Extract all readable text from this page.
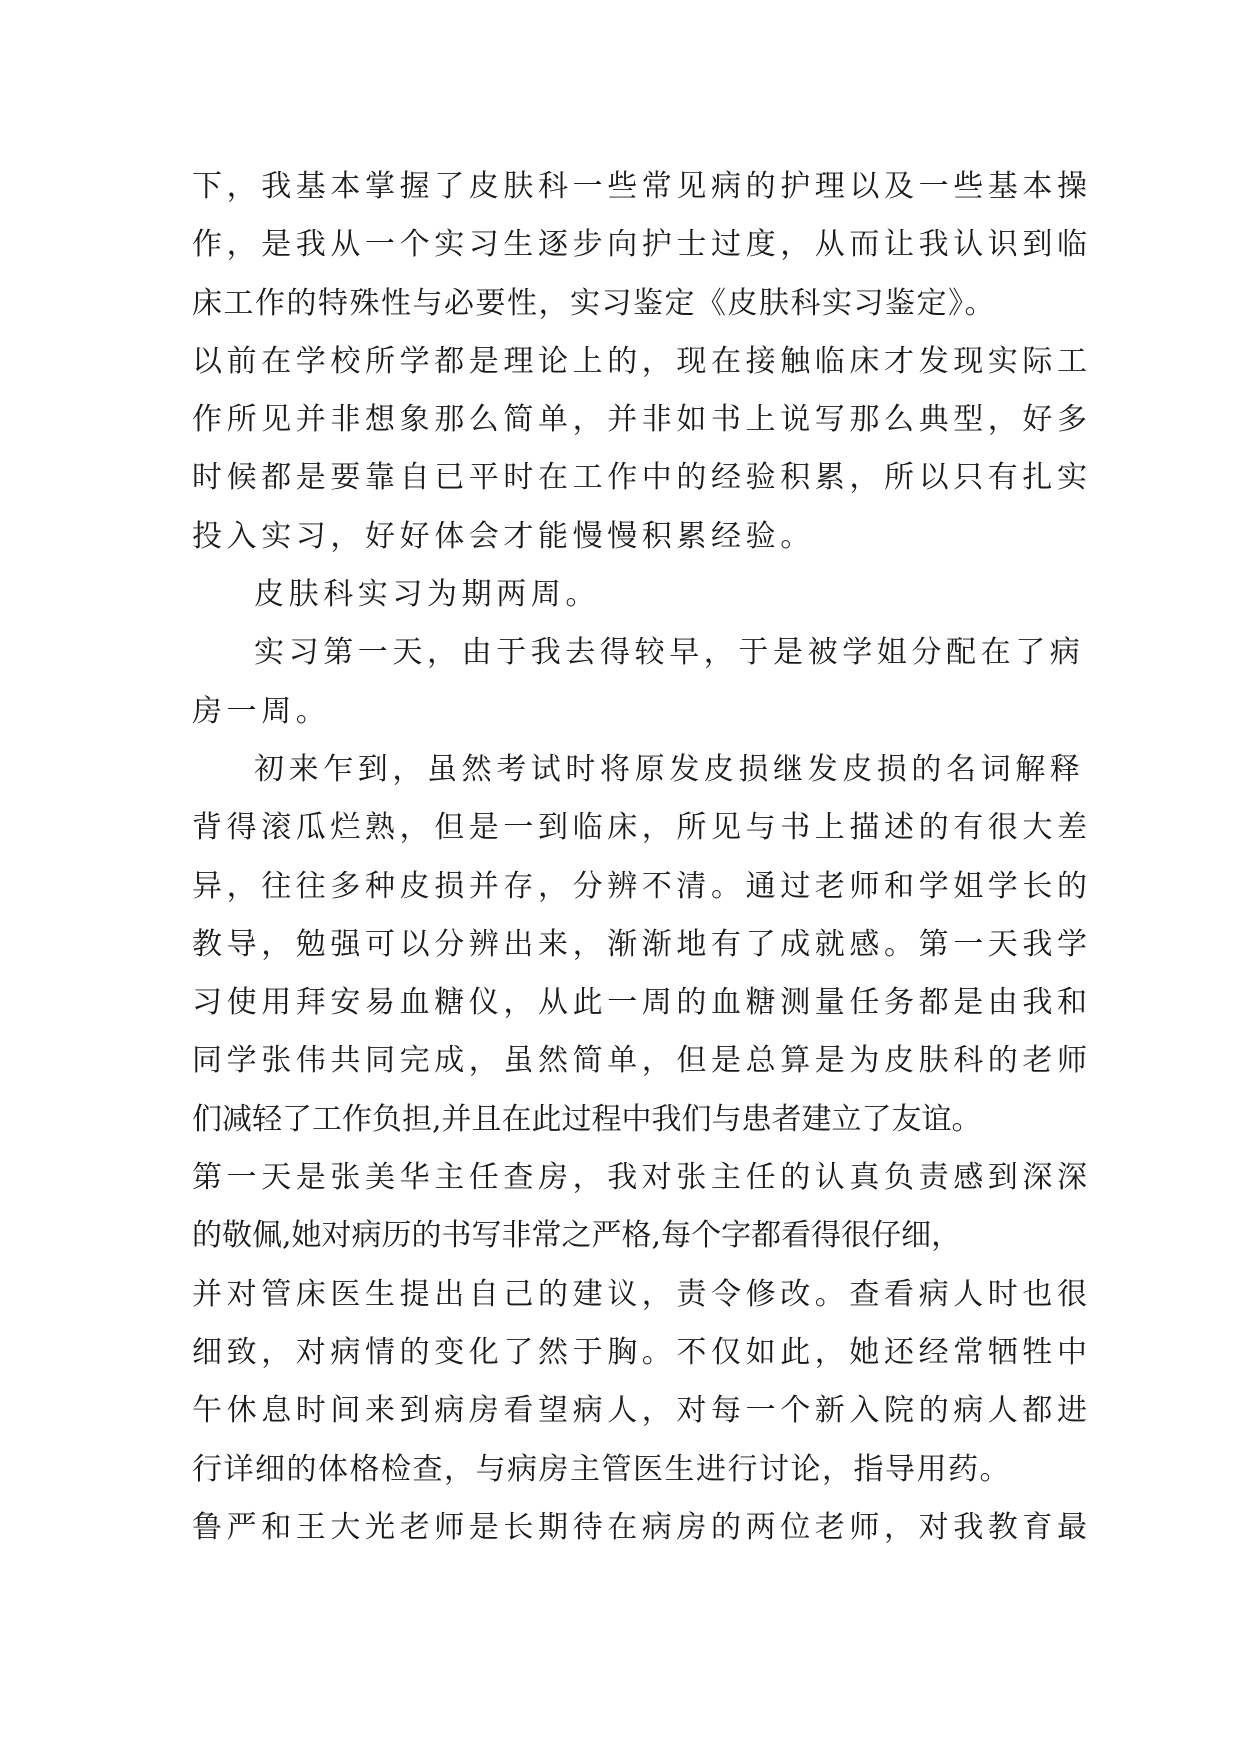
下，我基本掌握了皮肤科一些常见病的护理以及一些基本操
作，是我从一个实习生逐步向护士过度，从而让我认识到临
床工作的特殊性与必要性，实习鉴定《皮肤科实习鉴定》。
以前在学校所学都是理论上的，现在接触临床才发现实际工
作所见并非想象那么简单，并非如书上说写那么典型，好多
时候都是要靠自已平时在工作中的经验积累，所以只有扎实
投入实习，好好体会才能慢慢积累经验。
皮肤科实习为期两周。
实习第一天，由于我去得较早，于是被学姐分配在了病
房一周。
初来乍到，虽然考试时将原发皮损继发皮损的名词解释
背得滚瓜烂熟，但是一到临床，所见与书上描述的有很大差
异，往往多种皮损并存，分辨不清。通过老师和学姐学长的
教导，勉强可以分辨出来，渐渐地有了成就感。第一天我学
习使用拜安易血糖仪，从此一周的血糖测量任务都是由我和
同学张伟共同完成，虽然简单，但是总算是为皮肤科的老师
们减轻了工作负担,并且在此过程中我们与患者建立了友谊。
第一天是张美华主任查房，我对张主任的认真负责感到深深
的敬佩,她对病历的书写非常之严格,每个字都看得很仔细，
并对管床医生提出自己的建议，责令修改。查看病人时也很
细致，对病情的变化了然于胸。不仅如此，她还经常牺牲中
午休息时间来到病房看望病人，对每一个新入院的病人都进
行详细的体格检查，与病房主管医生进行讨论，指导用药。
鲁严和王大光老师是长期待在病房的两位老师，对我教育最
